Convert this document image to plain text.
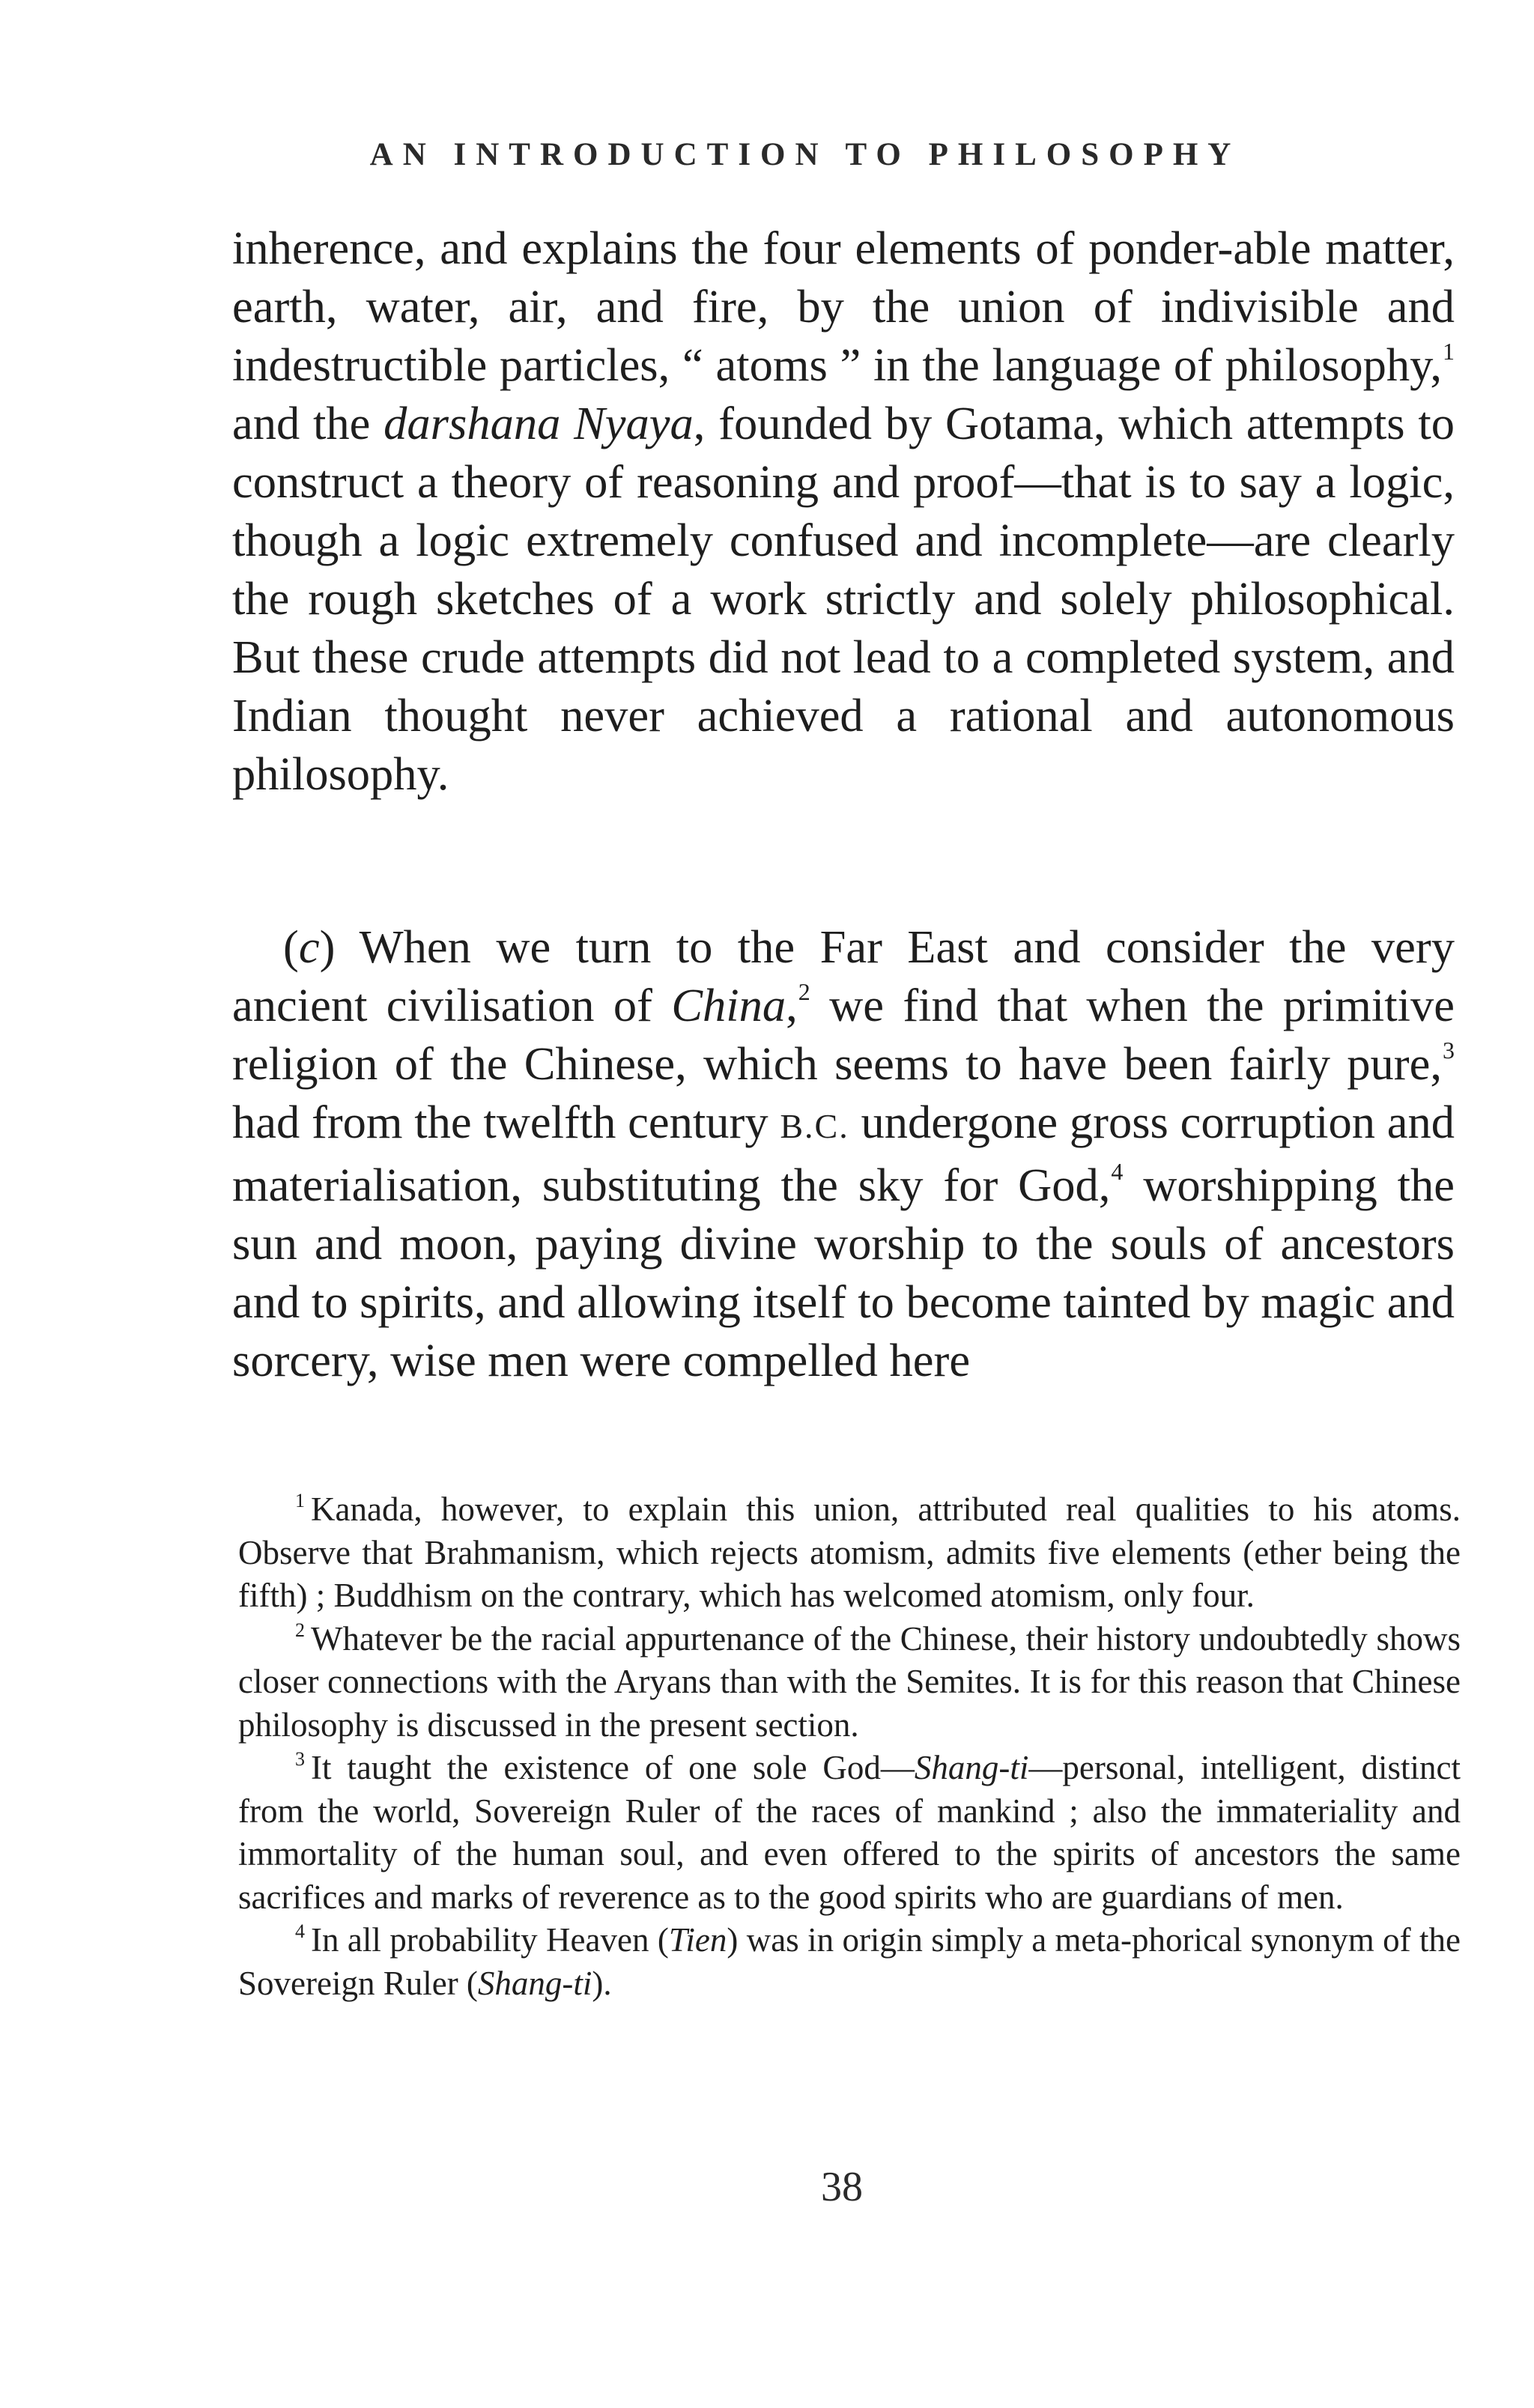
AN INTRODUCTION TO PHILOSOPHY

inherence, and explains the four elements of ponder-able matter, earth, water, air, and fire, by the union of indivisible and indestructible particles, “ atoms ” in the language of philosophy,$^1$ and the darshana Nyaya, founded by Gotama, which attempts to construct a theory of reasoning and proof—that is to say a logic, though a logic extremely confused and incomplete—are clearly the rough sketches of a work strictly and solely philosophical. But these crude attempts did not lead to a completed system, and Indian thought never achieved a rational and autonomous philosophy.

(c) When we turn to the Far East and consider the very ancient civilisation of China,$^2$ we find that when the primitive religion of the Chinese, which seems to have been fairly pure,$^3$ had from the twelfth century B.C. undergone gross corruption and materialisation, substituting the sky for God,$^4$ worshipping the sun and moon, paying divine worship to the souls of ancestors and to spirits, and allowing itself to become tainted by magic and sorcery, wise men were compelled here

$^1$ Kanada, however, to explain this union, attributed real qualities to his atoms. Observe that Brahmanism, which rejects atomism, admits five elements (ether being the fifth) ; Buddhism on the contrary, which has welcomed atomism, only four.

$^2$ Whatever be the racial appurtenance of the Chinese, their history undoubtedly shows closer connections with the Aryans than with the Semites. It is for this reason that Chinese philosophy is discussed in the present section.

$^3$ It taught the existence of one sole God—Shang-ti—personal, intelligent, distinct from the world, Sovereign Ruler of the races of mankind ; also the immateriality and immortality of the human soul, and even offered to the spirits of ancestors the same sacrifices and marks of reverence as to the good spirits who are guardians of men.

$^4$ In all probability Heaven (Tien) was in origin simply a meta-phorical synonym of the Sovereign Ruler (Shang-ti).

38
